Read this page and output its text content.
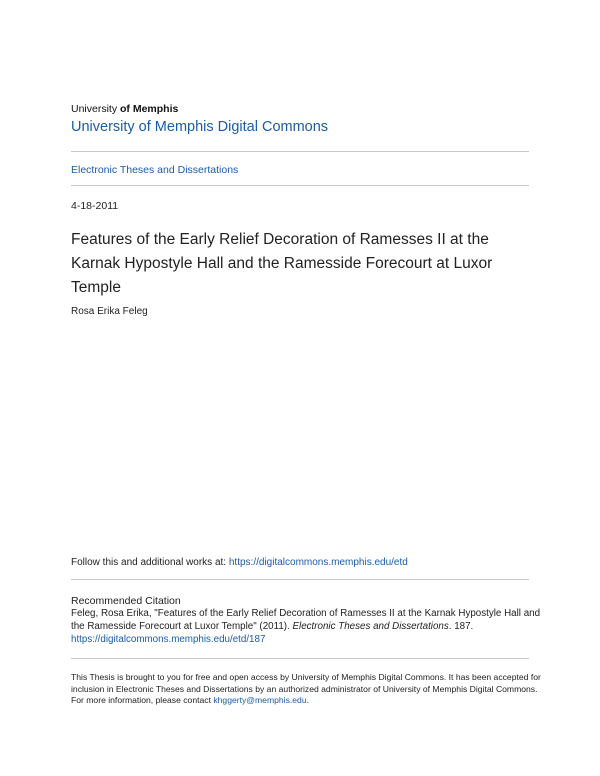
University of Memphis
University of Memphis Digital Commons
Electronic Theses and Dissertations
4-18-2011
Features of the Early Relief Decoration of Ramesses II at the Karnak Hypostyle Hall and the Ramesside Forecourt at Luxor Temple
Rosa Erika Feleg
Follow this and additional works at: https://digitalcommons.memphis.edu/etd
Recommended Citation
Feleg, Rosa Erika, "Features of the Early Relief Decoration of Ramesses II at the Karnak Hypostyle Hall and the Ramesside Forecourt at Luxor Temple" (2011). Electronic Theses and Dissertations. 187.
https://digitalcommons.memphis.edu/etd/187
This Thesis is brought to you for free and open access by University of Memphis Digital Commons. It has been accepted for inclusion in Electronic Theses and Dissertations by an authorized administrator of University of Memphis Digital Commons. For more information, please contact khggerty@memphis.edu.
